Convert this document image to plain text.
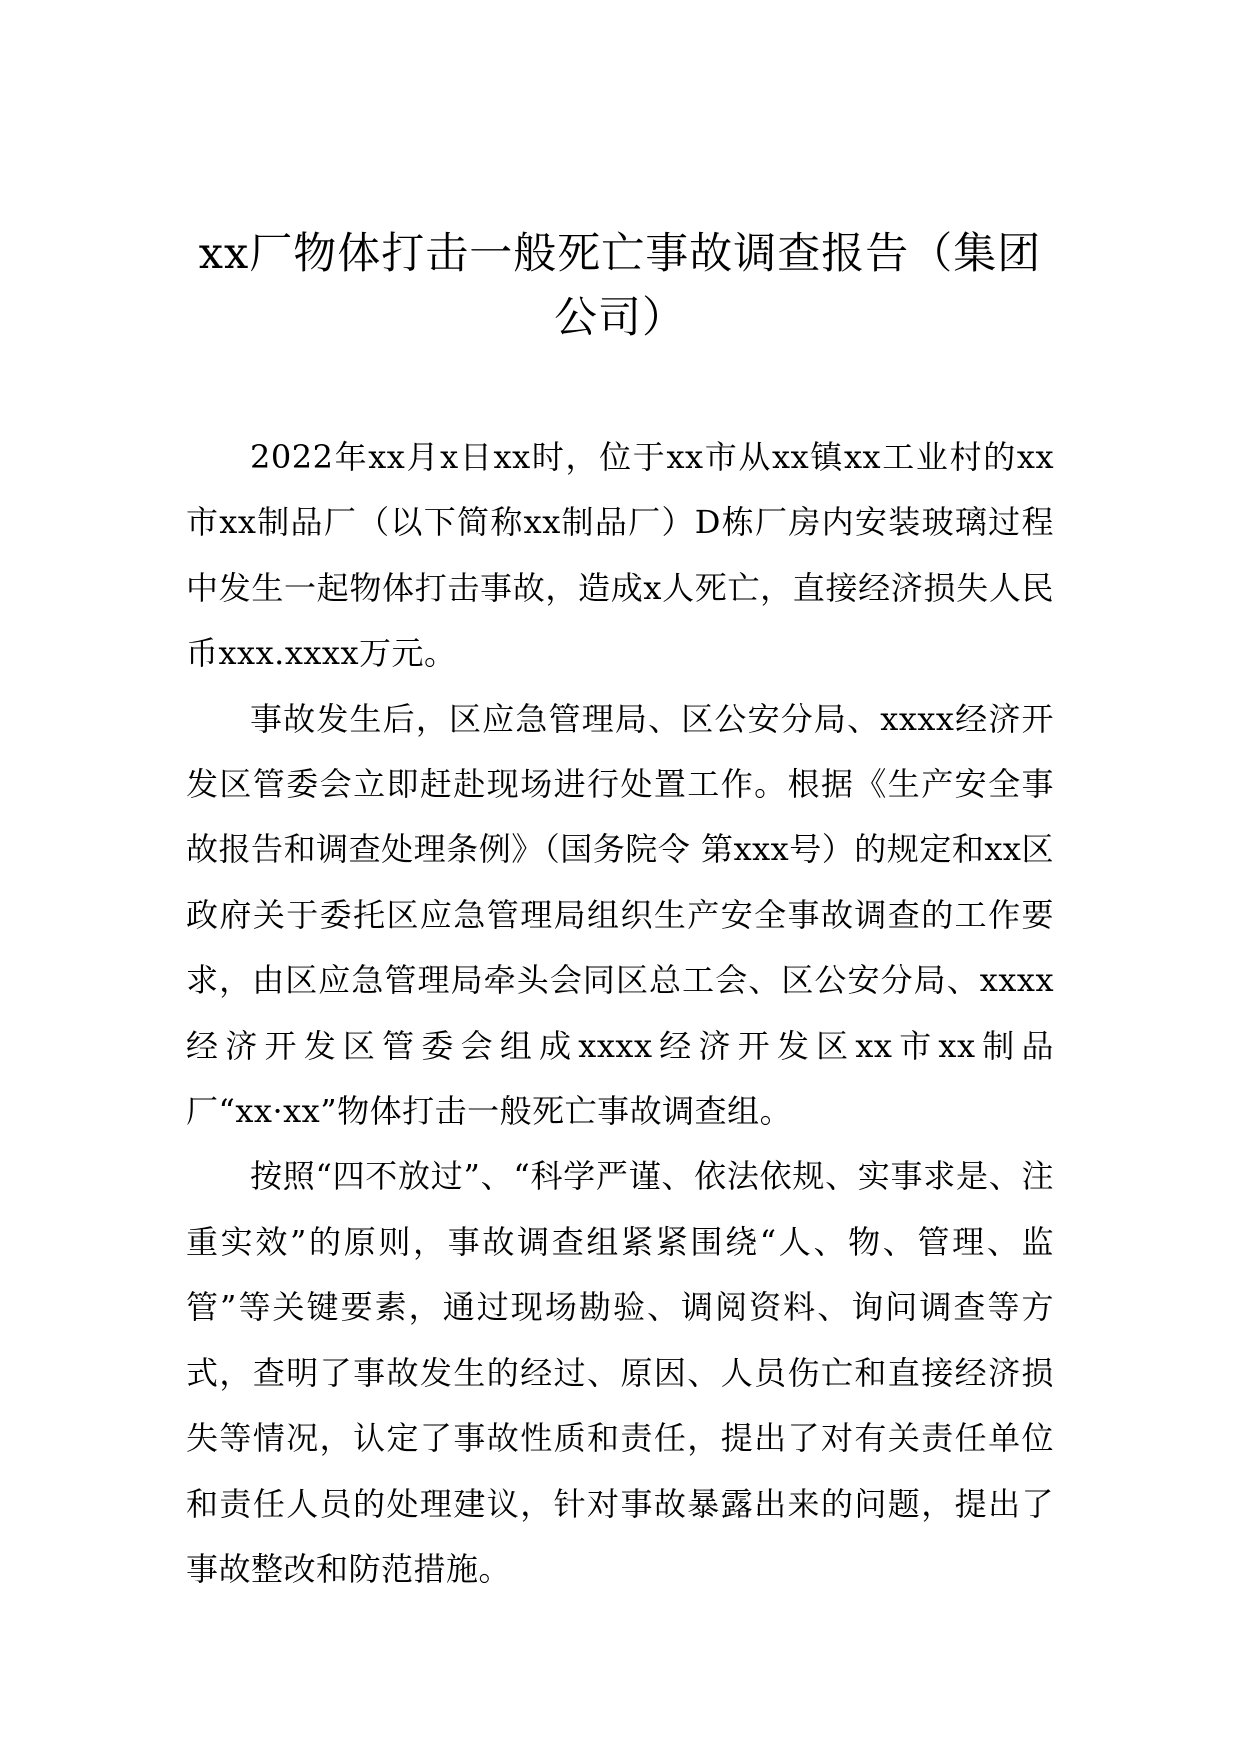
xx厂物体打击一般死亡事故调查报告（集团公司）

2022年xx月x日xx时，位于xx市从xx镇xx工业村的xx市xx制品厂（以下简称xx制品厂）D栋厂房内安装玻璃过程中发生一起物体打击事故，造成x人死亡，直接经济损失人民币xxx.xxxx万元。

事故发生后，区应急管理局、区公安分局、xxxx经济开发区管委会立即赶赴现场进行处置工作。根据《生产安全事故报告和调查处理条例》（国务院令 第xxx号）的规定和xx区政府关于委托区应急管理局组织生产安全事故调查的工作要求，由区应急管理局牵头会同区总工会、区公安分局、xxxx经济开发区管委会组成xxxx经济开发区xx市xx制品厂“xx·xx”物体打击一般死亡事故调查组。

按照“四不放过”、“科学严谨、依法依规、实事求是、注重实效”的原则，事故调查组紧紧围绕“人、物、管理、监管”等关键要素，通过现场勘验、调阅资料、询问调查等方式，查明了事故发生的经过、原因、人员伤亡和直接经济损失等情况，认定了事故性质和责任，提出了对有关责任单位和责任人员的处理建议，针对事故暴露出来的问题，提出了事故整改和防范措施。
